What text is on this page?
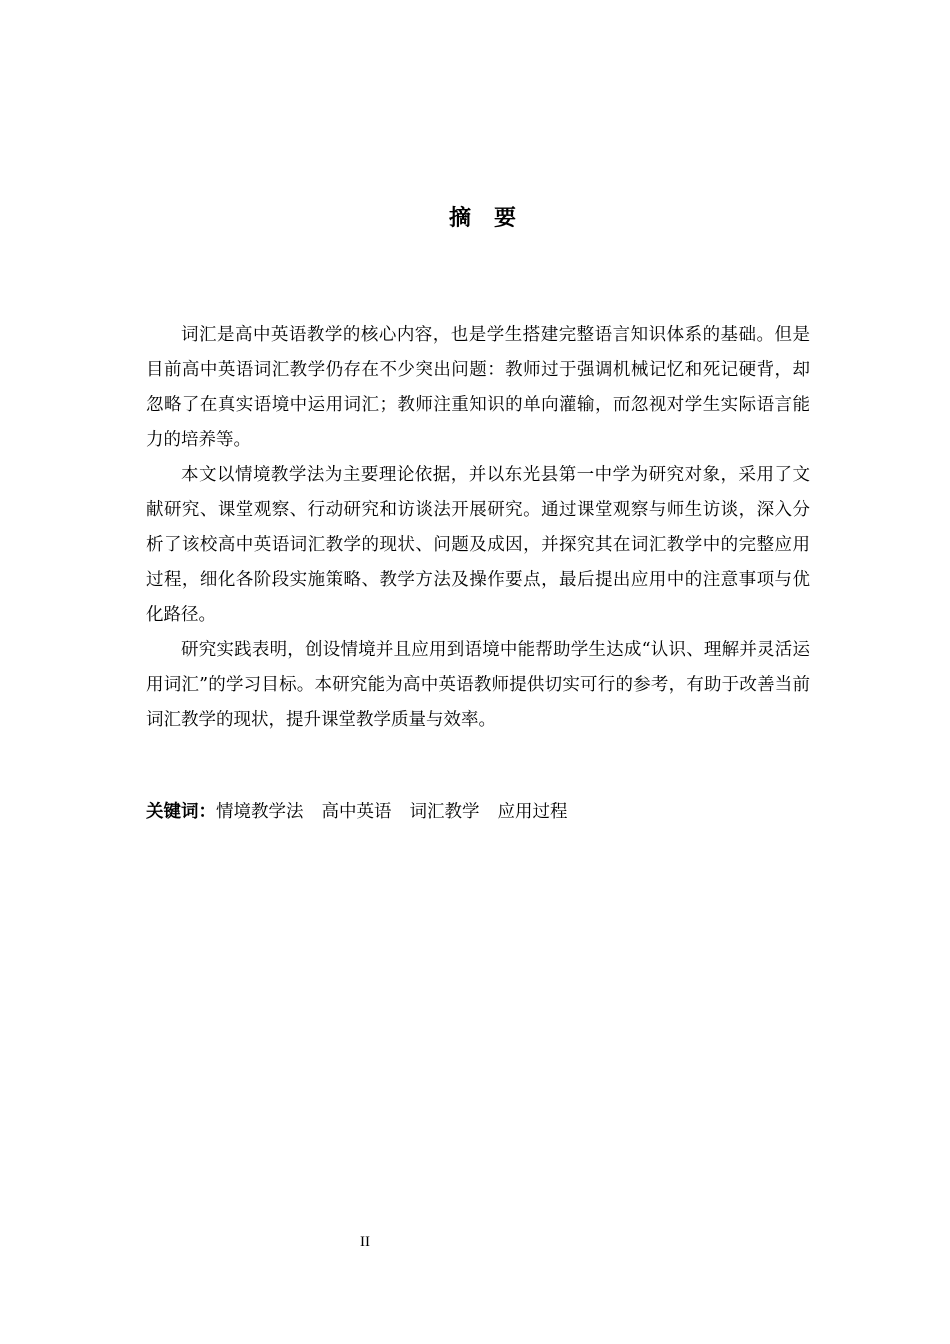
摘 要

词汇是高中英语教学的核心内容，也是学生搭建完整语言知识体系的基础。但是目前高中英语词汇教学仍存在不少突出问题：教师过于强调机械记忆和死记硬背，却忽略了在真实语境中运用词汇；教师注重知识的单向灌输，而忽视对学生实际语言能力的培养等。

本文以情境教学法为主要理论依据，并以东光县第一中学为研究对象，采用了文献研究、课堂观察、行动研究和访谈法开展研究。通过课堂观察与师生访谈，深入分析了该校高中英语词汇教学的现状、问题及成因，并探究其在词汇教学中的完整应用过程，细化各阶段实施策略、教学方法及操作要点，最后提出应用中的注意事项与优化路径。

研究实践表明，创设情境并且应用到语境中能帮助学生达成“认识、理解并灵活运用词汇”的学习目标。本研究能为高中英语教师提供切实可行的参考，有助于改善当前词汇教学的现状，提升课堂教学质量与效率。

关键词：情境教学法 高中英语 词汇教学 应用过程
II
